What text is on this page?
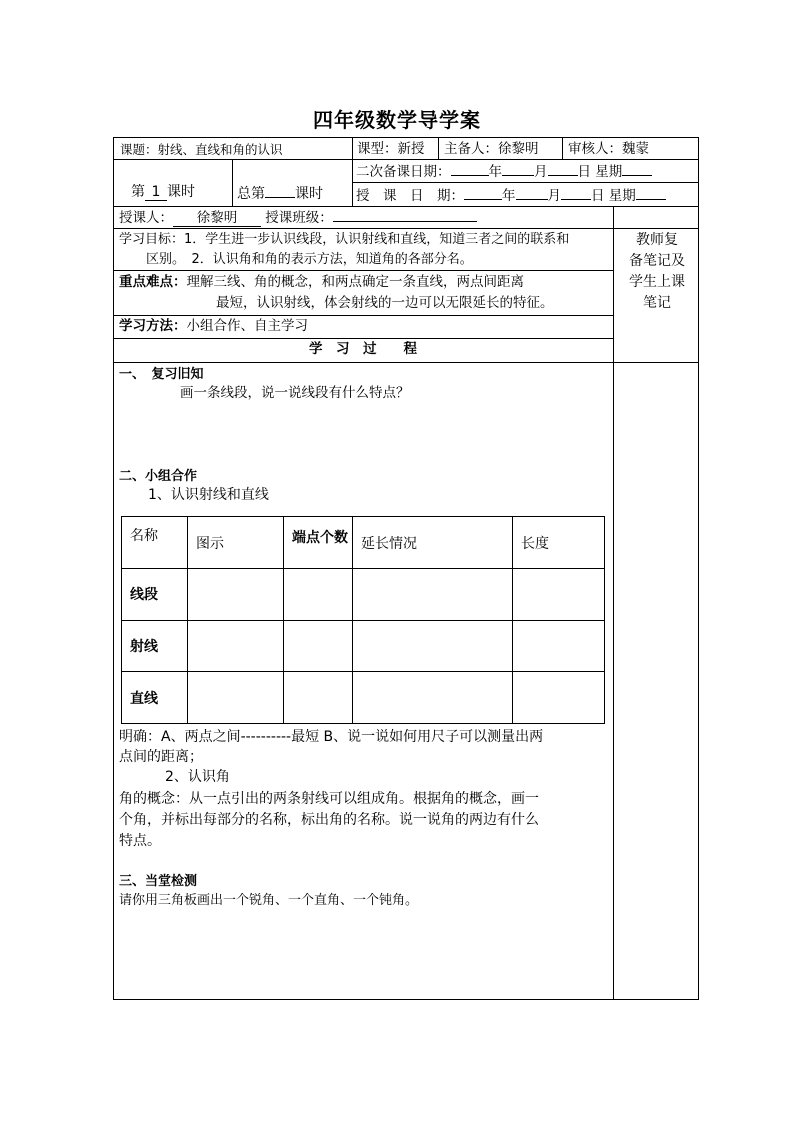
四年级数学导学案
课题：射线、直线和角的认识	课型：新授 主备人：徐黎明 审核人：魏蒙
第 1 课时	总第 课时
二次备课日期：	年 月 日 星期
授　课　日　期：	年 月 日 星期
授课人： 徐黎明 授课班级：
教师复
备笔记及
学生上课
笔记
学习目标：1．学生进一步认识线段，认识射线和直线，知道三者之间的联系和
区别。　2．认识角和角的表示方法，知道角的各部分名。
重点难点：理解三线、角的概念，和两点确定一条直线，两点间距离
最短，认识射线，体会射线的一边可以无限延长的特征。
学习方法：小组合作、自主学习
学　习　过　　程
一、　复习旧知
画一条线段，说一说线段有什么特点？
二、小组合作
1、认识射线和直线
名称	图示	端点个数	延长情况	长度
线段				
射线				
直线				
明确：A、两点之间----------最短 B、说一说如何用尺子可以测量出两
点间的距离；
2、认识角
角的概念：从一点引出的两条射线可以组成角。根据角的概念，画一
个角，并标出每部分的名称，标出角的名称。说一说角的两边有什么
特点。
三、当堂检测
请你用三角板画出一个锐角、一个直角、一个钝角。
